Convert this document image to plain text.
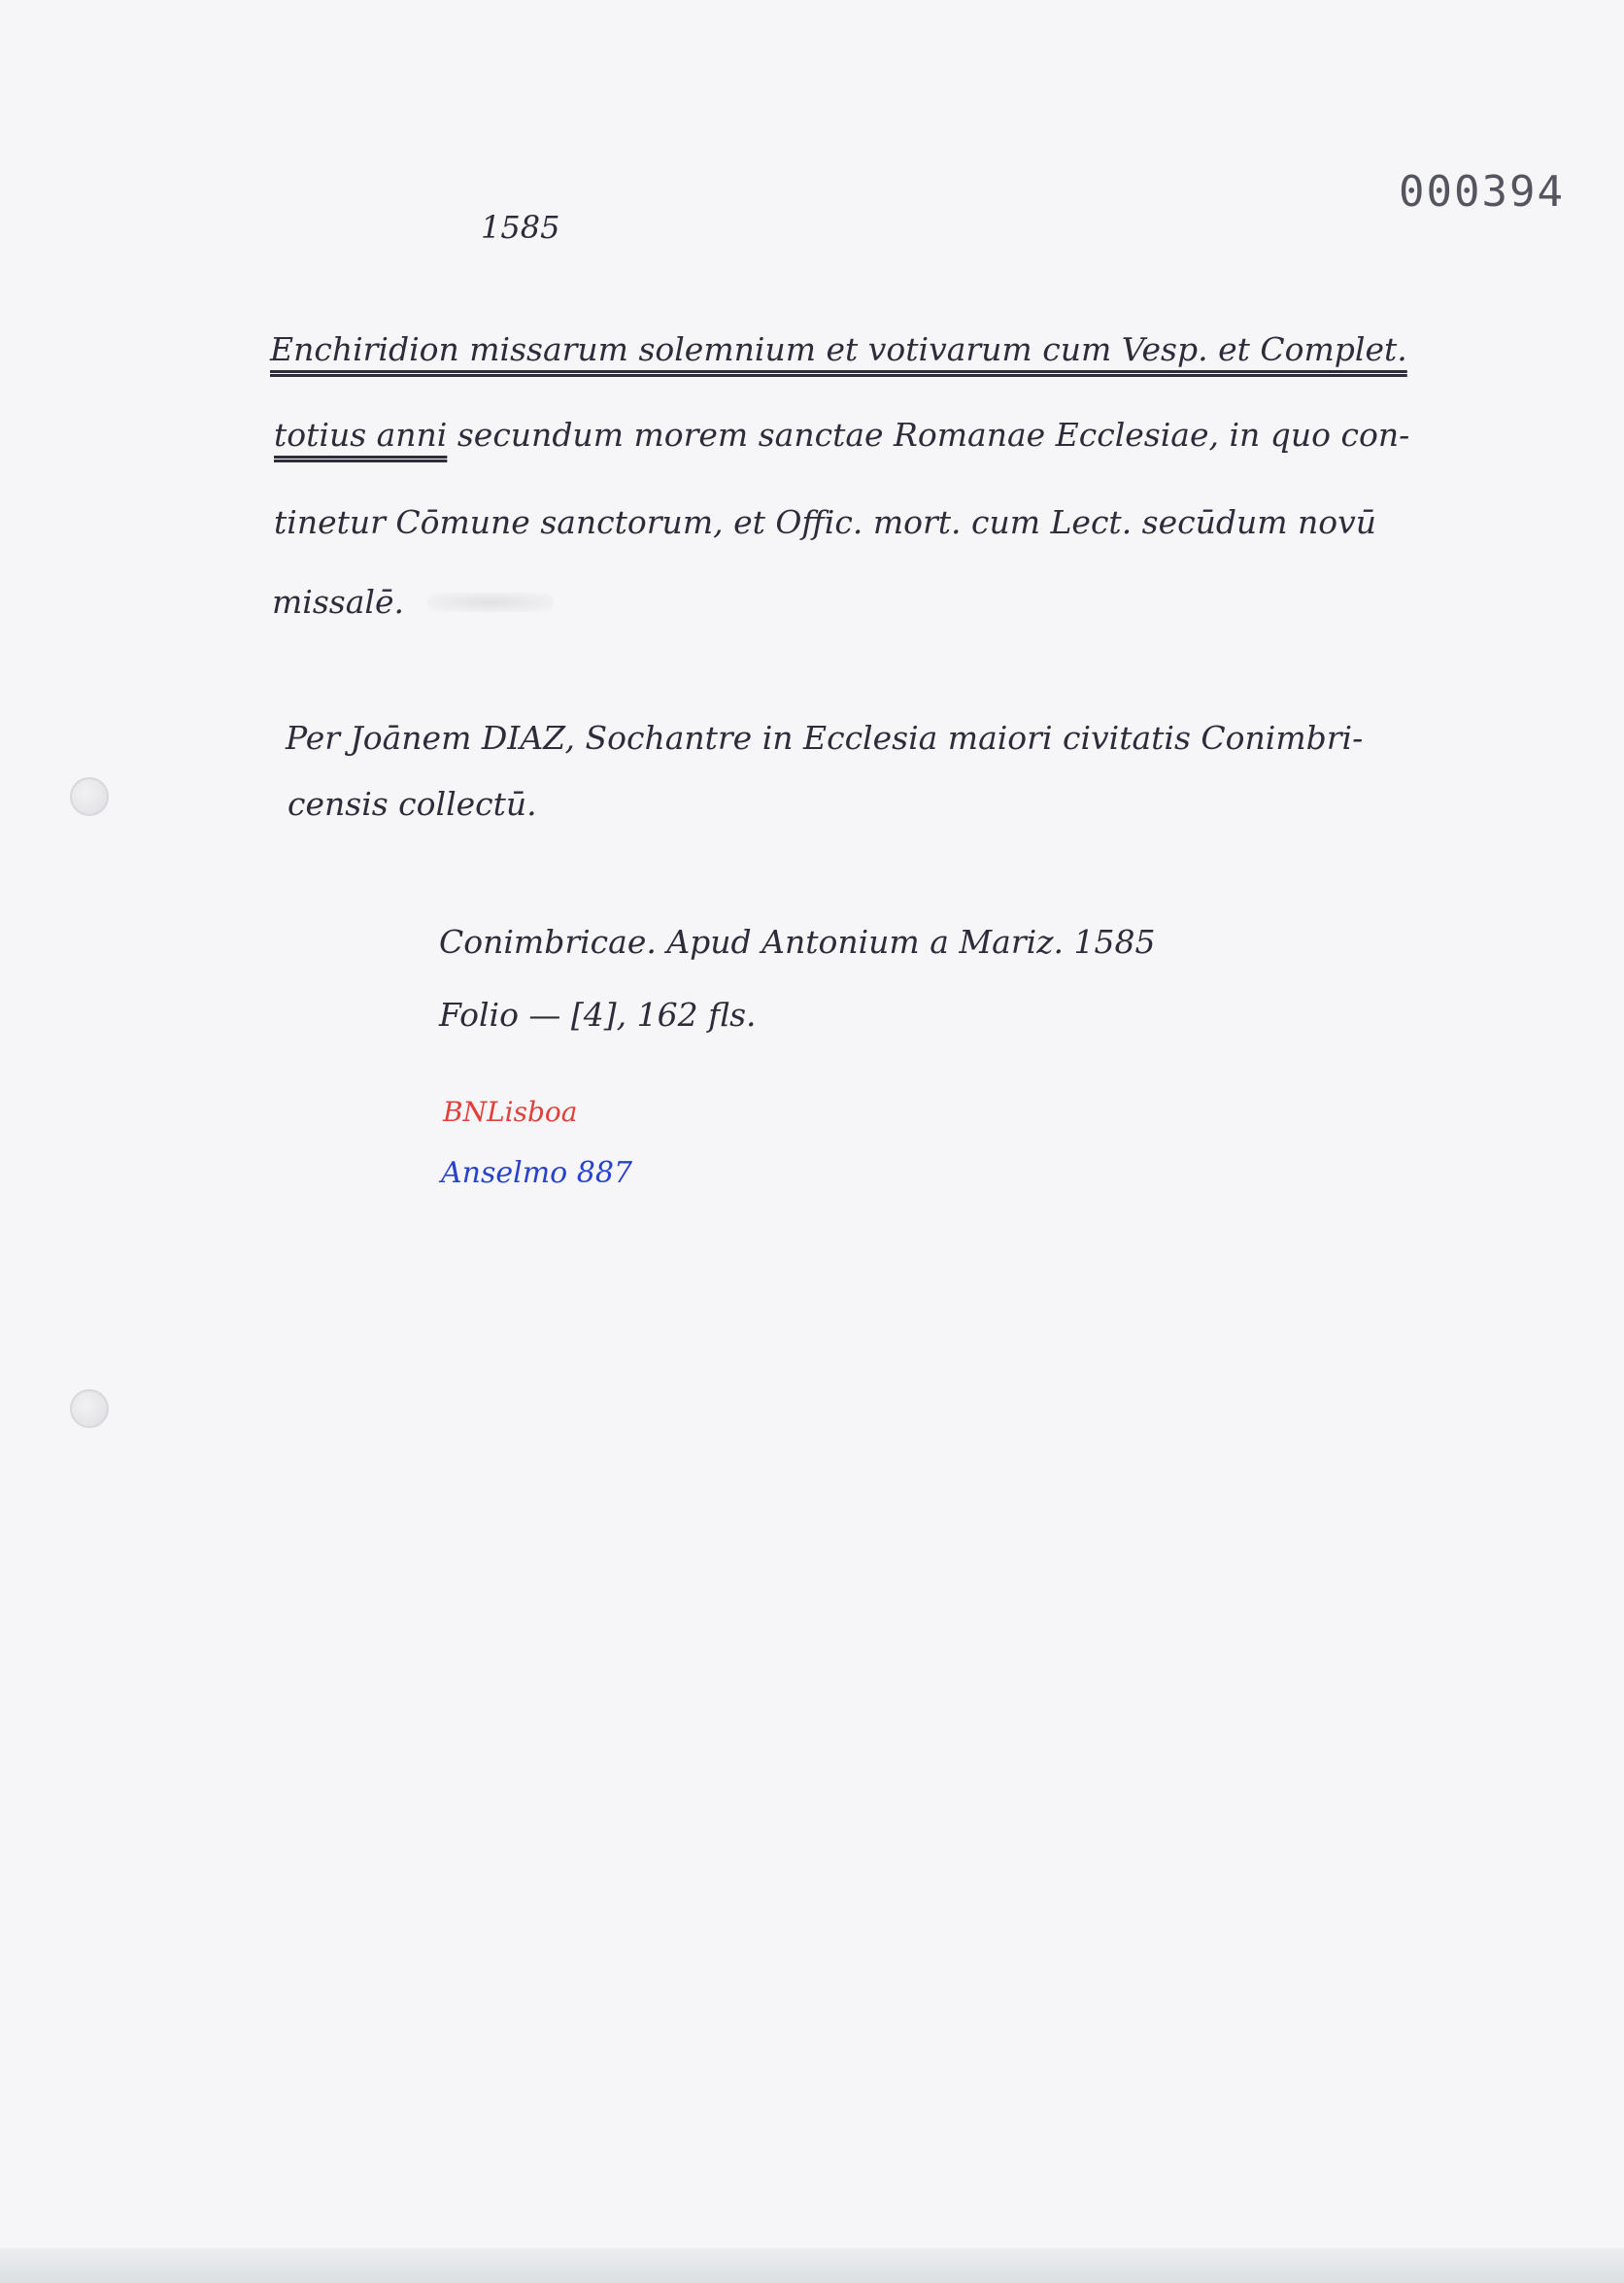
000394
1585
Enchiridion missarum solemnium et votivarum cum Vesp. et Complet.
totius anni secundum morem sanctae Romanae Ecclesiae, in quo con-
tinetur Cōmune sanctorum, et Offic. mort. cum Lect. secūdum novū
missalē.
Per Joānem DIAZ, Sochantre in Ecclesia maiori civitatis Conimbri-
censis collectū.
Conimbricae. Apud Antonium a Mariz. 1585
Folio — [4], 162 fls.
BNLisboa
Anselmo 887
